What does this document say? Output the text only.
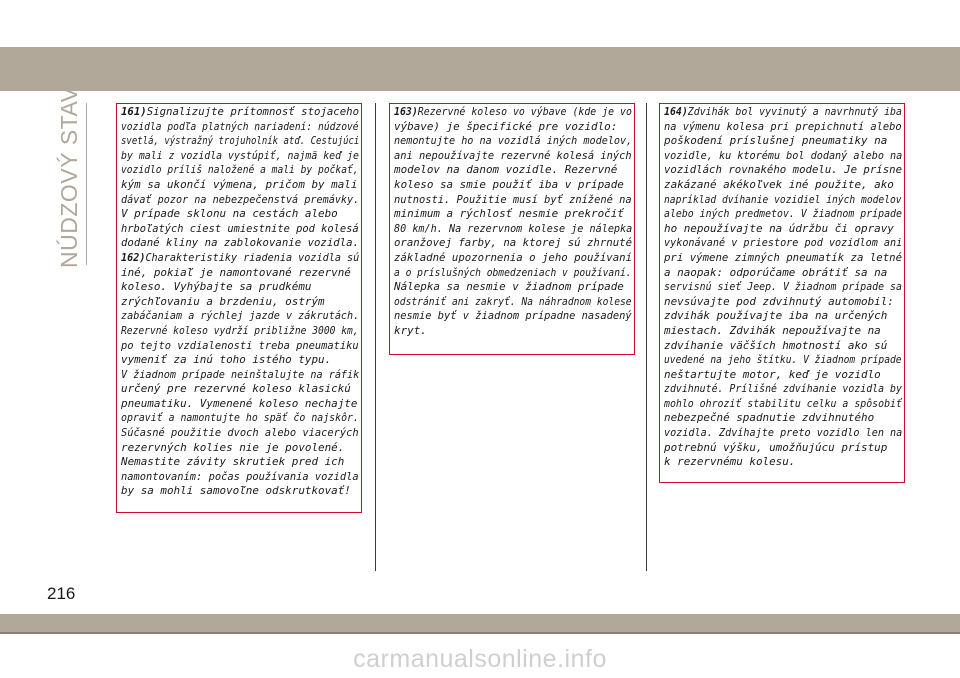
NÚDZOVÝ STAV	161)Signalizujte prítomnosť stojaceho

vozidla podľa platných nariadení: núdzové

svetlá, výstražný trojuholník atď. Cestujúci

by mali z vozidla vystúpiť, najmä keď je

vozidlo príliš naložené a mali by počkať,

kým sa ukončí výmena, pričom by mali

dávať pozor na nebezpečenstvá premávky.

V prípade sklonu na cestách alebo

hrboľatých ciest umiestnite pod kolesá

dodané kliny na zablokovanie vozidla.

162)Charakteristiky riadenia vozidla sú

iné, pokiaľ je namontované rezervné

koleso. Vyhýbajte sa prudkému

zrýchľovaniu a brzdeniu, ostrým

zabáčaniam a rýchlej jazde v zákrutách.

Rezervné koleso vydrží približne 3000 km,

po tejto vzdialenosti treba pneumatiku

vymeniť za inú toho istého typu.

V žiadnom prípade neinštalujte na ráfik

určený pre rezervné koleso klasickú

pneumatiku. Vymenené koleso nechajte

opraviť a namontujte ho späť čo najskôr.

Súčasné použitie dvoch alebo viacerých

rezervných kolies nie je povolené.

Nemastite závity skrutiek pred ich

namontovaním: počas používania vozidla

by sa mohli samovoľne odskrutkovať!

163)Rezervné koleso vo výbave (kde je vo

výbave) je špecifické pre vozidlo:

nemontujte ho na vozidlá iných modelov,

ani nepoužívajte rezervné kolesá iných

modelov na danom vozidle. Rezervné

koleso sa smie použiť iba v prípade

nutnosti. Použitie musí byť znížené na

minimum a rýchlosť nesmie prekročiť

80 km/h. Na rezervnom kolese je nálepka

oranžovej farby, na ktorej sú zhrnuté

základné upozornenia o jeho používaní

a o príslušných obmedzeniach v používaní.

Nálepka sa nesmie v žiadnom prípade

odstrániť ani zakryť. Na náhradnom kolese

nesmie byť v žiadnom prípadne nasadený

kryt.

164)Zdvihák bol vyvinutý a navrhnutý iba

na výmenu kolesa pri prepichnutí alebo

poškodení príslušnej pneumatiky na

vozidle, ku ktorému bol dodaný alebo na

vozidlách rovnakého modelu. Je prísne

zakázané akékoľvek iné použite, ako

napríklad dvíhanie vozidiel iných modelov

alebo iných predmetov. V žiadnom prípade

ho nepoužívajte na údržbu či opravy

vykonávané v priestore pod vozidlom ani

pri výmene zimných pneumatík za letné

a naopak: odporúčame obrátiť sa na

servisnú sieť Jeep. V žiadnom prípade sa

nevsúvajte pod zdvihnutý automobil:

zdvihák používajte iba na určených

miestach. Zdvihák nepoužívajte na

zdvíhanie väčších hmotností ako sú

uvedené na jeho štítku. V žiadnom prípade

neštartujte motor, keď je vozidlo

zdvihnuté. Prílišné zdvíhanie vozidla by

mohlo ohroziť stabilitu celku a spôsobiť

nebezpečné spadnutie zdvihnutého

vozidla. Zdvíhajte preto vozidlo len na

potrebnú výšku, umožňujúcu prístup

k rezervnému kolesu.

216
carmanualsonline.info
